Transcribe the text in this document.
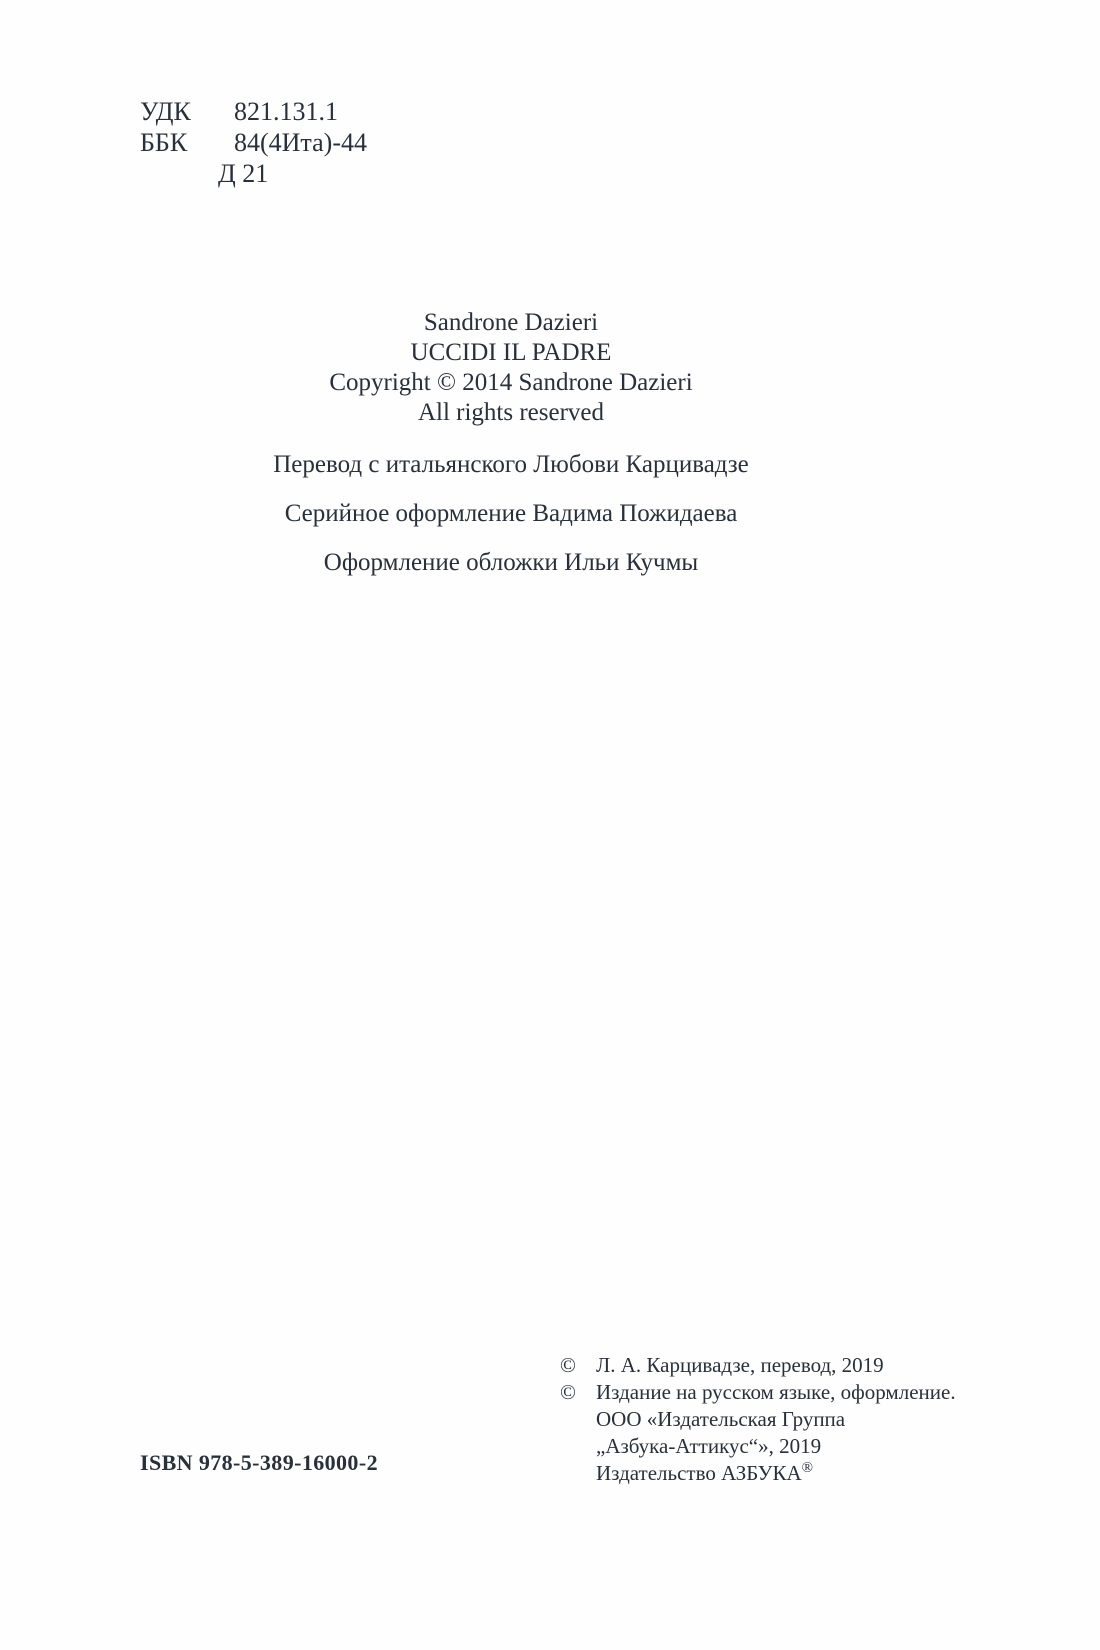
УДК	821.131.1
ББК	84(4Ита)-44
Д 21
Sandrone Dazieri
UCCIDI IL PADRE
Copyright © 2014 Sandrone Dazieri
All rights reserved

Перевод с итальянского Любови Карцивадзе

Серийное оформление Вадима Пожидаева

Оформление обложки Ильи Кучмы

© Л. А. Карцивадзе, перевод, 2019
© Издание на русском языке, оформление.
ООО «Издательская Группа
„Азбука-Аттикус“», 2019
Издательство АЗБУКА®
ISBN 978-5-389-16000-2
